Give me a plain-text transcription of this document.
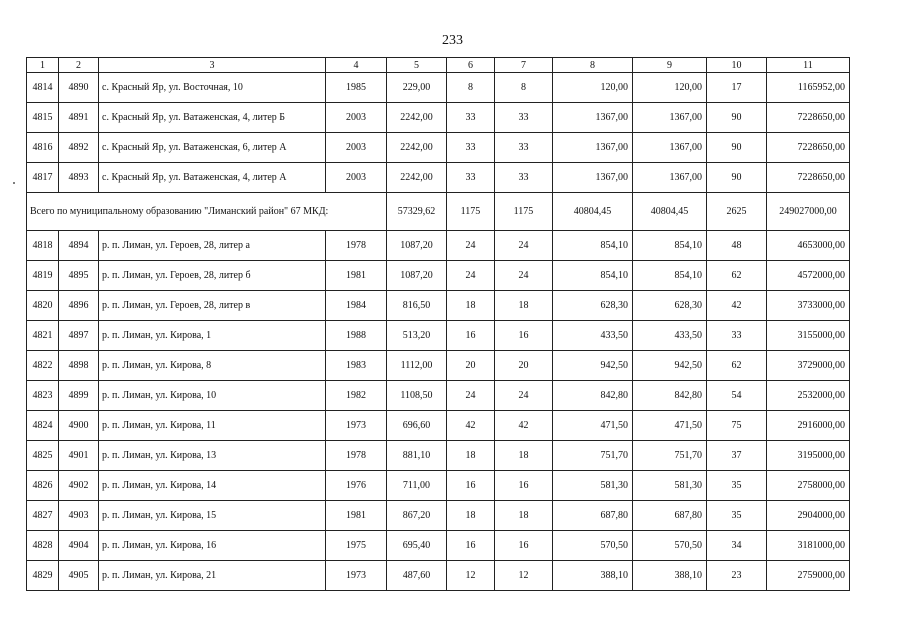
233
1	2	3	4	5	6	7	8	9	10	11
4814	4890	с. Красный Яр, ул. Восточная, 10	1985	229,00	8	8	120,00	120,00	17	1165952,00
4815	4891	с. Красный Яр, ул. Ватаженская, 4, литер Б	2003	2242,00	33	33	1367,00	1367,00	90	7228650,00
4816	4892	с. Красный Яр, ул. Ватаженская, 6, литер А	2003	2242,00	33	33	1367,00	1367,00	90	7228650,00
4817	4893	с. Красный Яр, ул. Ватаженская, 4, литер А	2003	2242,00	33	33	1367,00	1367,00	90	7228650,00
Всего по муниципальному образованию "Лиманский район" 67 МКД:				57329,62	1175	1175	40804,45	40804,45	2625	249027000,00
4818	4894	р. п. Лиман, ул. Героев, 28, литер а	1978	1087,20	24	24	854,10	854,10	48	4653000,00
4819	4895	р. п. Лиман, ул. Героев, 28, литер б	1981	1087,20	24	24	854,10	854,10	62	4572000,00
4820	4896	р. п. Лиман, ул. Героев, 28, литер в	1984	816,50	18	18	628,30	628,30	42	3733000,00
4821	4897	р. п. Лиман, ул. Кирова, 1	1988	513,20	16	16	433,50	433,50	33	3155000,00
4822	4898	р. п. Лиман, ул. Кирова, 8	1983	1112,00	20	20	942,50	942,50	62	3729000,00
4823	4899	р. п. Лиман, ул. Кирова, 10	1982	1108,50	24	24	842,80	842,80	54	2532000,00
4824	4900	р. п. Лиман, ул. Кирова, 11	1973	696,60	42	42	471,50	471,50	75	2916000,00
4825	4901	р. п. Лиман, ул. Кирова, 13	1978	881,10	18	18	751,70	751,70	37	3195000,00
4826	4902	р. п. Лиман, ул. Кирова, 14	1976	711,00	16	16	581,30	581,30	35	2758000,00
4827	4903	р. п. Лиман, ул. Кирова, 15	1981	867,20	18	18	687,80	687,80	35	2904000,00
4828	4904	р. п. Лиман, ул. Кирова, 16	1975	695,40	16	16	570,50	570,50	34	3181000,00
4829	4905	р. п. Лиман, ул. Кирова, 21	1973	487,60	12	12	388,10	388,10	23	2759000,00
